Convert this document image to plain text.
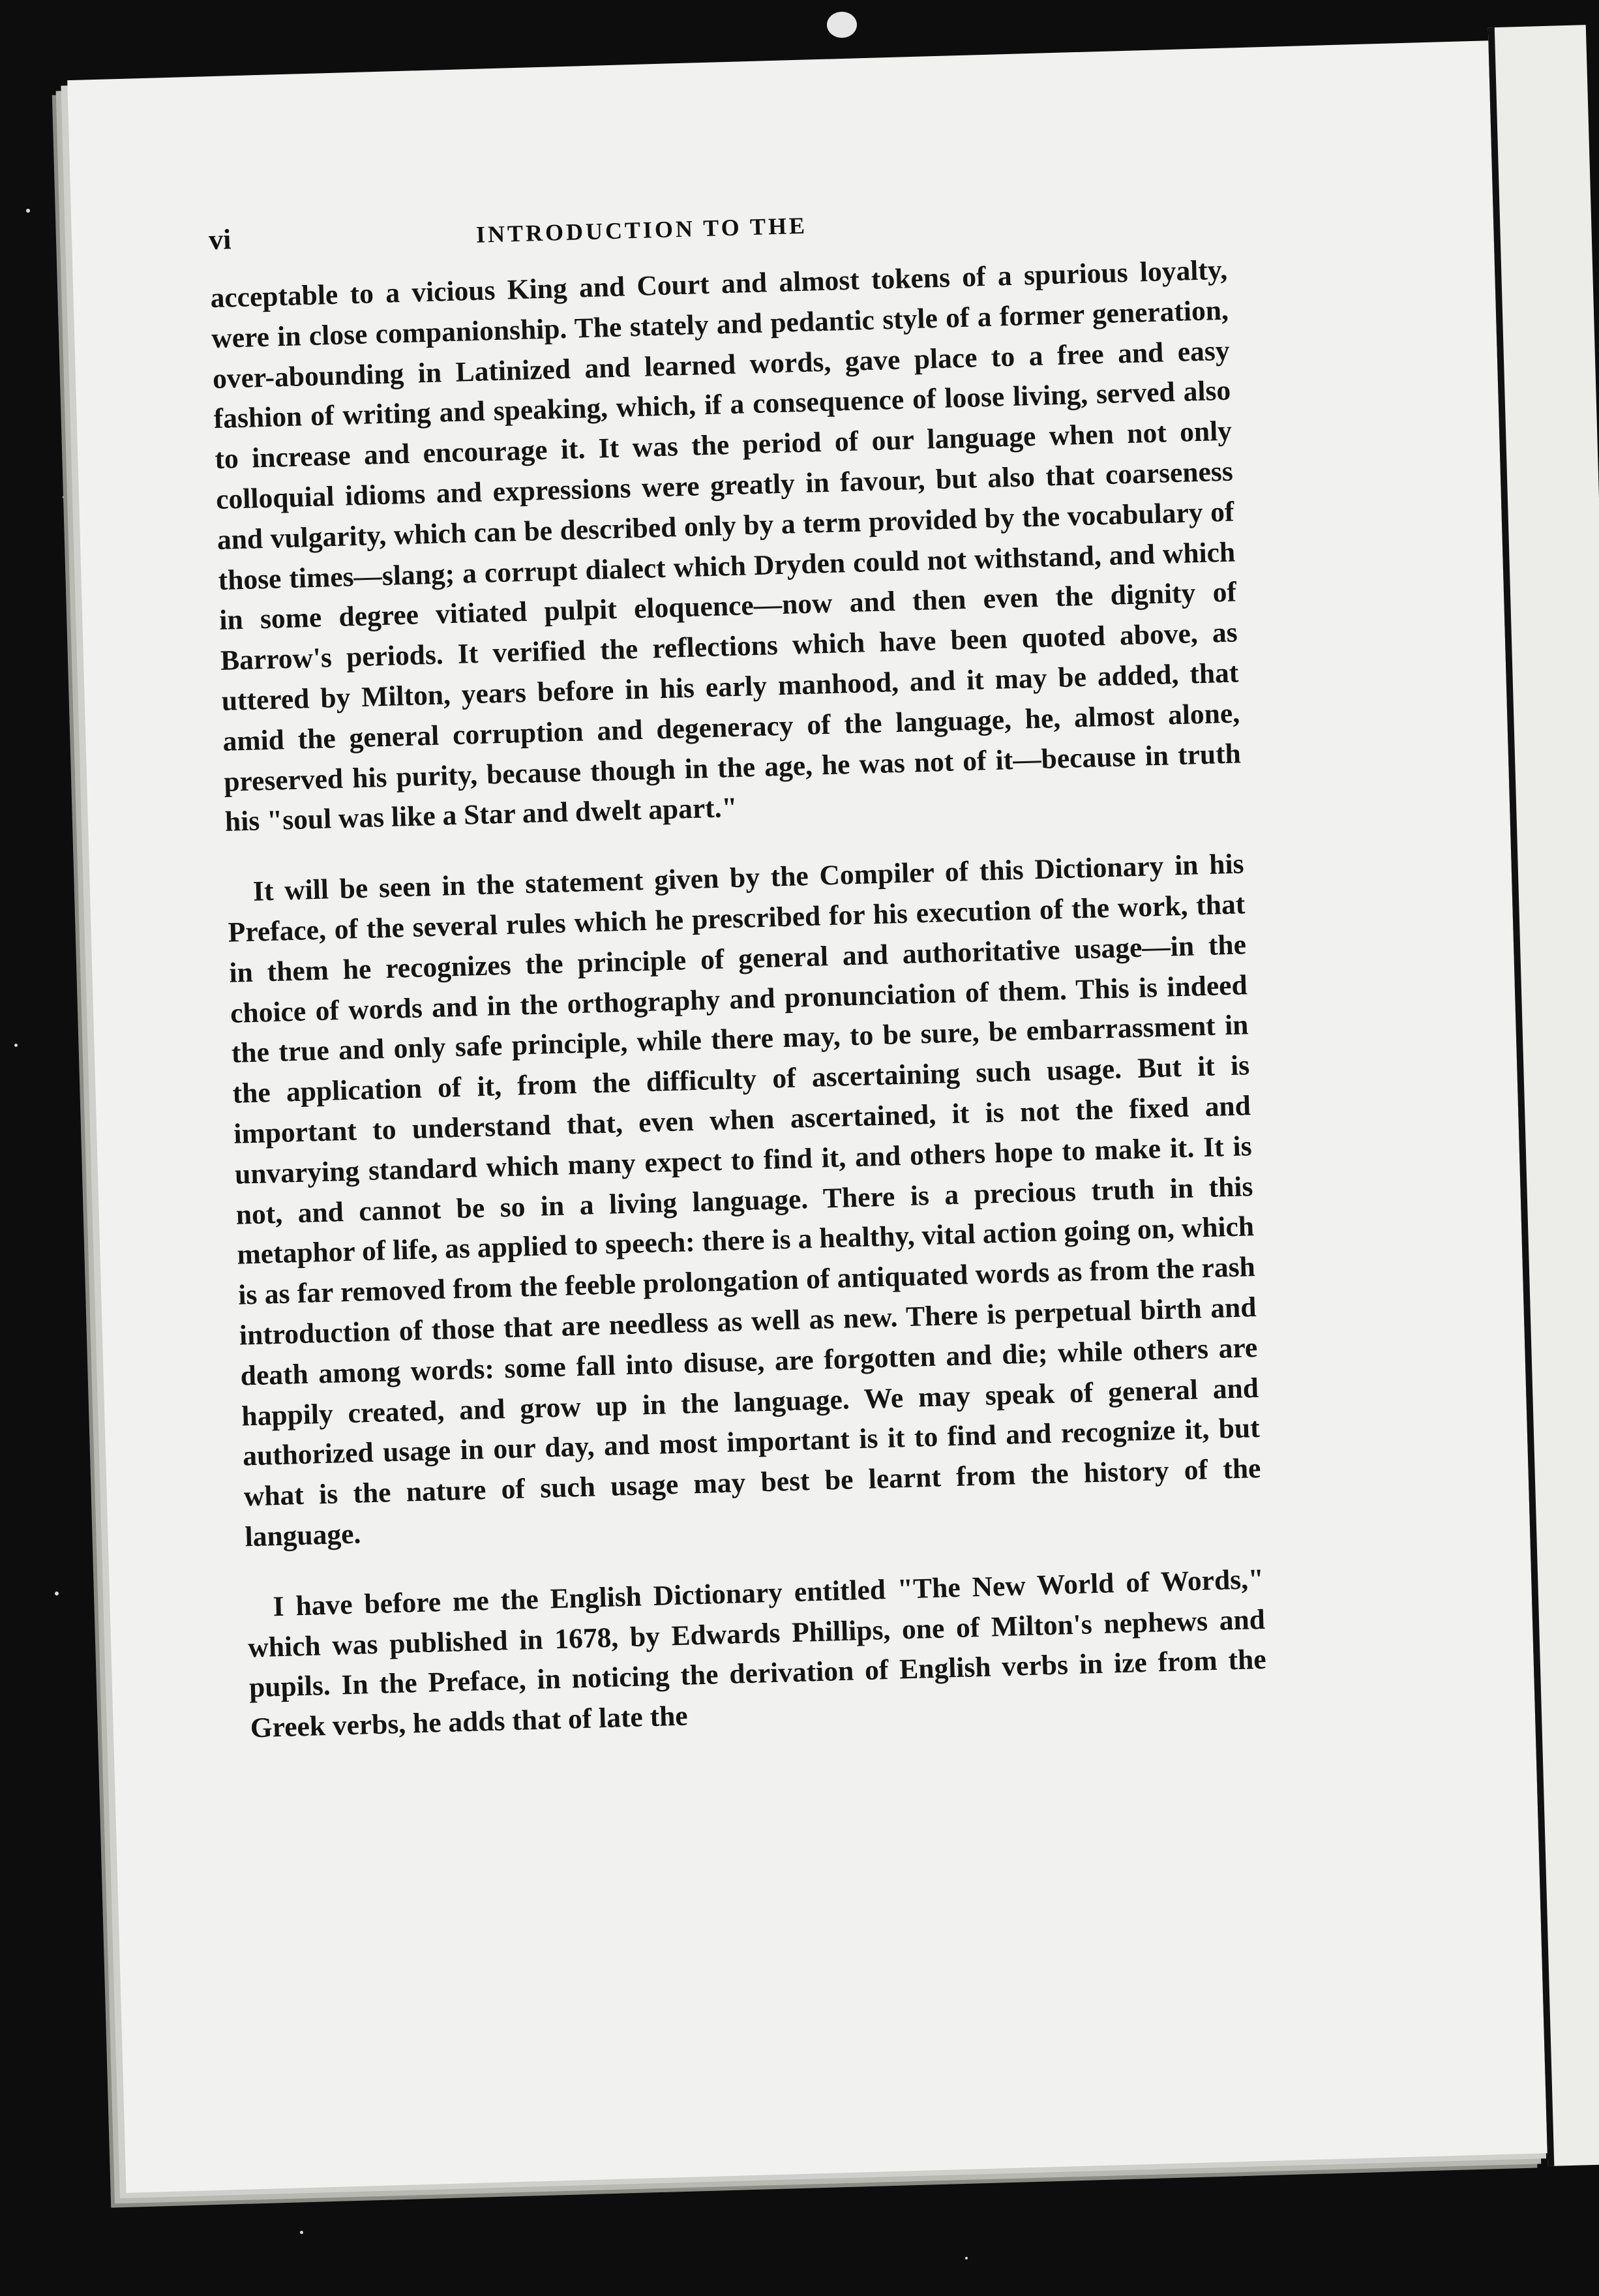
vi	INTRODUCTION TO THE

acceptable to a vicious King and Court and almost tokens of a spurious loyalty, were in close companionship. The stately and pedantic style of a former generation, over-abounding in Latinized and learned words, gave place to a free and easy fashion of writing and speaking, which, if a consequence of loose living, served also to increase and encourage it. It was the period of our language when not only colloquial idioms and expressions were greatly in favour, but also that coarseness and vulgarity, which can be described only by a term provided by the vocabulary of those times—slang; a corrupt dialect which Dryden could not withstand, and which in some degree vitiated pulpit eloquence—now and then even the dignity of Barrow's periods. It verified the reflections which have been quoted above, as uttered by Milton, years before in his early manhood, and it may be added, that amid the general corruption and degeneracy of the language, he, almost alone, preserved his purity, because though in the age, he was not of it—because in truth his "soul was like a Star and dwelt apart."

It will be seen in the statement given by the Compiler of this Dictionary in his Preface, of the several rules which he prescribed for his execution of the work, that in them he recognizes the principle of general and authoritative usage—in the choice of words and in the orthography and pronunciation of them. This is indeed the true and only safe principle, while there may, to be sure, be embarrassment in the application of it, from the difficulty of ascertaining such usage. But it is important to understand that, even when ascertained, it is not the fixed and unvarying standard which many expect to find it, and others hope to make it. It is not, and cannot be so in a living language. There is a precious truth in this metaphor of life, as applied to speech: there is a healthy, vital action going on, which is as far removed from the feeble prolongation of antiquated words as from the rash introduction of those that are needless as well as new. There is perpetual birth and death among words: some fall into disuse, are forgotten and die; while others are happily created, and grow up in the language. We may speak of general and authorized usage in our day, and most important is it to find and recognize it, but what is the nature of such usage may best be learnt from the history of the language.

I have before me the English Dictionary entitled "The New World of Words," which was published in 1678, by Edwards Phillips, one of Milton's nephews and pupils. In the Preface, in noticing the derivation of English verbs in ize from the Greek verbs, he adds that of late the
